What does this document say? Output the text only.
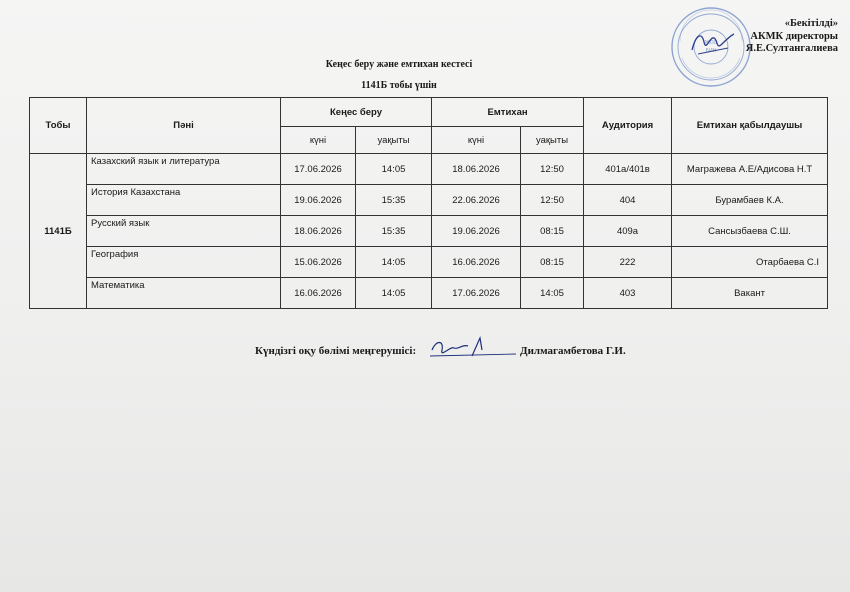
ЖОО
БИН
«Бекітілді»
АКМК директоры
Я.Е.Султангалиева
Кеңес беру және емтихан кестесі
1141Б тобы үшін
Тобы	Пәні	Кеңес беру		Емтихан		Аудитория	Емтихан қабылдаушы
		күні	уақыты	күні	уақыты		
1141Б	Казахский язык и литература	17.06.2026	14:05	18.06.2026	12:50	401а/401в	Магражева А.Е/Адисова Н.Т
	История Казахстана	19.06.2026	15:35	22.06.2026	12:50	404	Бурамбаев К.А.
	Русский язык	18.06.2026	15:35	19.06.2026	08:15	409а	Сансызбаева С.Ш.
	География	15.06.2026	14:05	16.06.2026	08:15	222	Отарбаева С.І
	Математика	16.06.2026	14:05	17.06.2026	14:05	403	Вакант
Күндізгі оқу бөлімі меңгерушісі:	Дилмагамбетова Г.И.
